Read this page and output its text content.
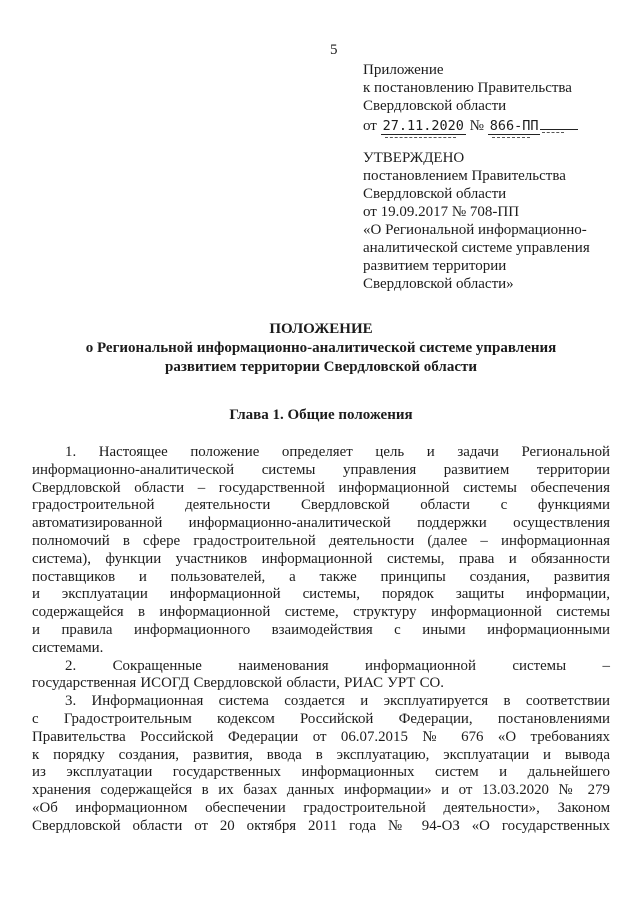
5
Приложение
к постановлению Правительства
Свердловской области
от 27.11.2020 № 866-ПП
УТВЕРЖДЕНО
постановлением Правительства
Свердловской области
от 19.09.2017 № 708-ПП
«О Региональной информационно-
аналитической системе управления
развитием территории
Свердловской области»
ПОЛОЖЕНИЕ
о Региональной информационно-аналитической системе управления
развитием территории Свердловской области
Глава 1. Общие положения
1. Настоящее положение определяет цель и задачи Региональной
информационно-аналитической системы управления развитием территории
Свердловской области – государственной информационной системы обеспечения
градостроительной деятельности Свердловской области с функциями
автоматизированной информационно-аналитической поддержки осуществления
полномочий в сфере градостроительной деятельности (далее – информационная
система), функции участников информационной системы, права и обязанности
поставщиков и пользователей, а также принципы создания, развития
и эксплуатации информационной системы, порядок защиты информации,
содержащейся в информационной системе, структуру информационной системы
и правила информационного взаимодействия с иными информационными
системами.
2. Сокращенные наименования информационной системы –
государственная ИСОГД Свердловской области, РИАС УРТ СО.
3. Информационная система создается и эксплуатируется в соответствии
с Градостроительным кодексом Российской Федерации, постановлениями
Правительства Российской Федерации от 06.07.2015 № 676 «О требованиях
к порядку создания, развития, ввода в эксплуатацию, эксплуатации и вывода
из эксплуатации государственных информационных систем и дальнейшего
хранения содержащейся в их базах данных информации» и от 13.03.2020 № 279
«Об информационном обеспечении градостроительной деятельности», Законом
Свердловской области от 20 октября 2011 года № 94-ОЗ «О государственных
